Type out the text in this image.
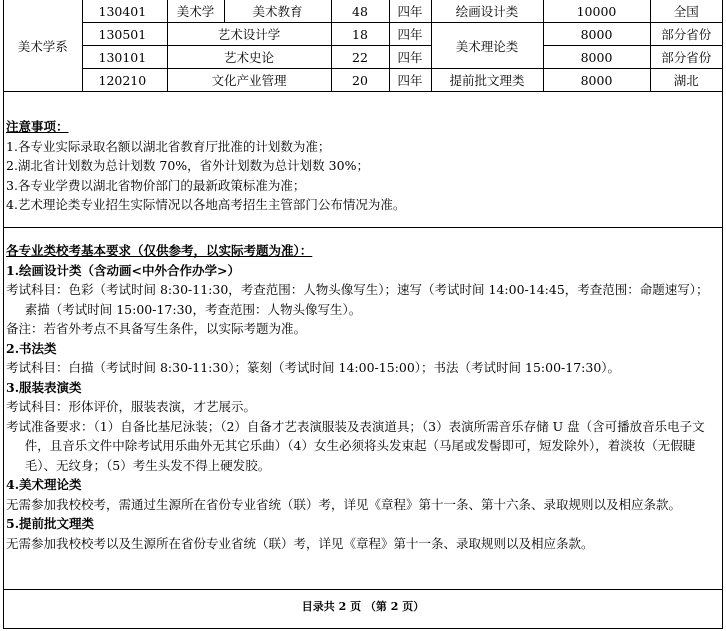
美术学系	130401	美术学	美术教育	48	四年	绘画设计类	10000	全国
	130501	艺术设计学		18	四年	美术理论类	8000	部分省份
	130101	艺术史论		22	四年		8000	部分省份
	120210	文化产业管理		20	四年	提前批文理类	8000	湖北
注意事项：
1.各专业实际录取名额以湖北省教育厅批准的计划数为准；
2.湖北省计划数为总计划数 70%，省外计划数为总计划数 30%；
3.各专业学费以湖北省物价部门的最新政策标准为准；
4.艺术理论类专业招生实际情况以各地高考招生主管部门公布情况为准。
各专业类校考基本要求（仅供参考，以实际考题为准）：
1.绘画设计类（含动画<中外合作办学>）
考试科目：色彩（考试时间 8:30-11:30，考查范围：人物头像写生）；速写（考试时间 14:00-14:45，考查范围：命题速写）；素描（考试时间 15:00-17:30，考查范围：人物头像写生）。
备注：若省外考点不具备写生条件，以实际考题为准。
2.书法类
考试科目：白描（考试时间 8:30-11:30）；篆刻（考试时间 14:00-15:00）；书法（考试时间 15:00-17:30）。
3.服装表演类
考试科目：形体评价，服装表演，才艺展示。
考试准备要求：（1）自备比基尼泳装；（2）自备才艺表演服装及表演道具；（3）表演所需音乐存储 U 盘（含可播放音乐电子文件，且音乐文件中除考试用乐曲外无其它乐曲）（4）女生必须将头发束起（马尾或发髻即可，短发除外），着淡妆（无假睫毛）、无纹身；（5）考生头发不得上硬发胶。
4.美术理论类
无需参加我校校考，需通过生源所在省份专业省统（联）考，详见《章程》第十一条、第十六条、录取规则以及相应条款。
5.提前批文理类
无需参加我校校考以及生源所在省份专业省统（联）考，详见《章程》第十一条、录取规则以及相应条款。
目录共 2 页 （第 2 页）
